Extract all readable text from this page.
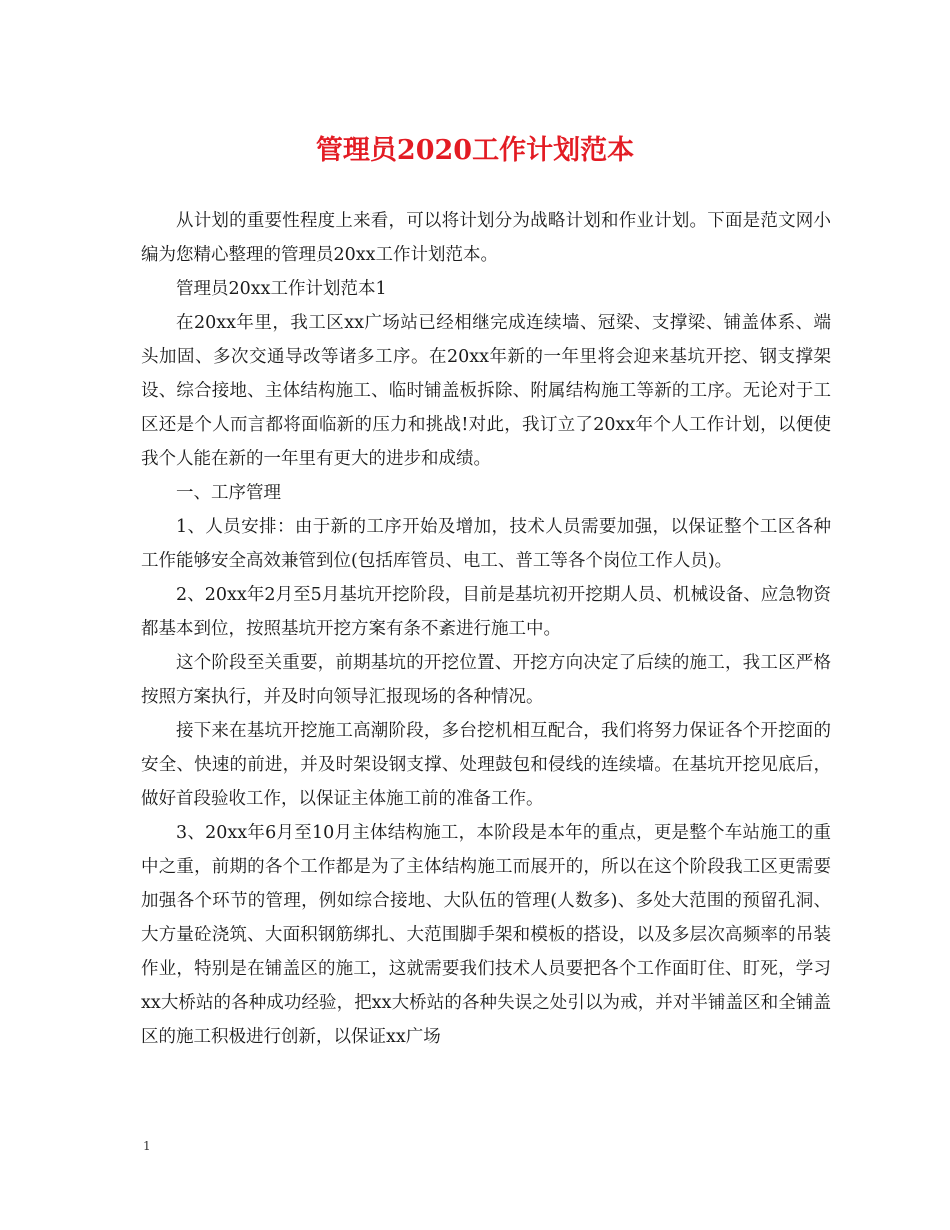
管理员2020工作计划范本

从计划的重要性程度上来看，可以将计划分为战略计划和作业计划。下面是范文网小编为您精心整理的管理员20xx工作计划范本。

管理员20xx工作计划范本1

在20xx年里，我工区xx广场站已经相继完成连续墙、冠梁、支撑梁、铺盖体系、端头加固、多次交通导改等诸多工序。在20xx年新的一年里将会迎来基坑开挖、钢支撑架设、综合接地、主体结构施工、临时铺盖板拆除、附属结构施工等新的工序。无论对于工区还是个人而言都将面临新的压力和挑战!对此，我订立了20xx年个人工作计划，以便使我个人能在新的一年里有更大的进步和成绩。

一、工序管理

1、人员安排：由于新的工序开始及增加，技术人员需要加强，以保证整个工区各种工作能够安全高效兼管到位(包括库管员、电工、普工等各个岗位工作人员)。

2、20xx年2月至5月基坑开挖阶段，目前是基坑初开挖期人员、机械设备、应急物资都基本到位，按照基坑开挖方案有条不紊进行施工中。

这个阶段至关重要，前期基坑的开挖位置、开挖方向决定了后续的施工，我工区严格按照方案执行，并及时向领导汇报现场的各种情况。

接下来在基坑开挖施工高潮阶段，多台挖机相互配合，我们将努力保证各个开挖面的安全、快速的前进，并及时架设钢支撑、处理鼓包和侵线的连续墙。在基坑开挖见底后，做好首段验收工作，以保证主体施工前的准备工作。

3、20xx年6月至10月主体结构施工，本阶段是本年的重点，更是整个车站施工的重中之重，前期的各个工作都是为了主体结构施工而展开的，所以在这个阶段我工区更需要加强各个环节的管理，例如综合接地、大队伍的管理(人数多)、多处大范围的预留孔洞、大方量砼浇筑、大面积钢筋绑扎、大范围脚手架和模板的搭设，以及多层次高频率的吊装作业，特别是在铺盖区的施工，这就需要我们技术人员要把各个工作面盯住、盯死，学习xx大桥站的各种成功经验，把xx大桥站的各种失误之处引以为戒，并对半铺盖区和全铺盖区的施工积极进行创新，以保证xx广场

1
